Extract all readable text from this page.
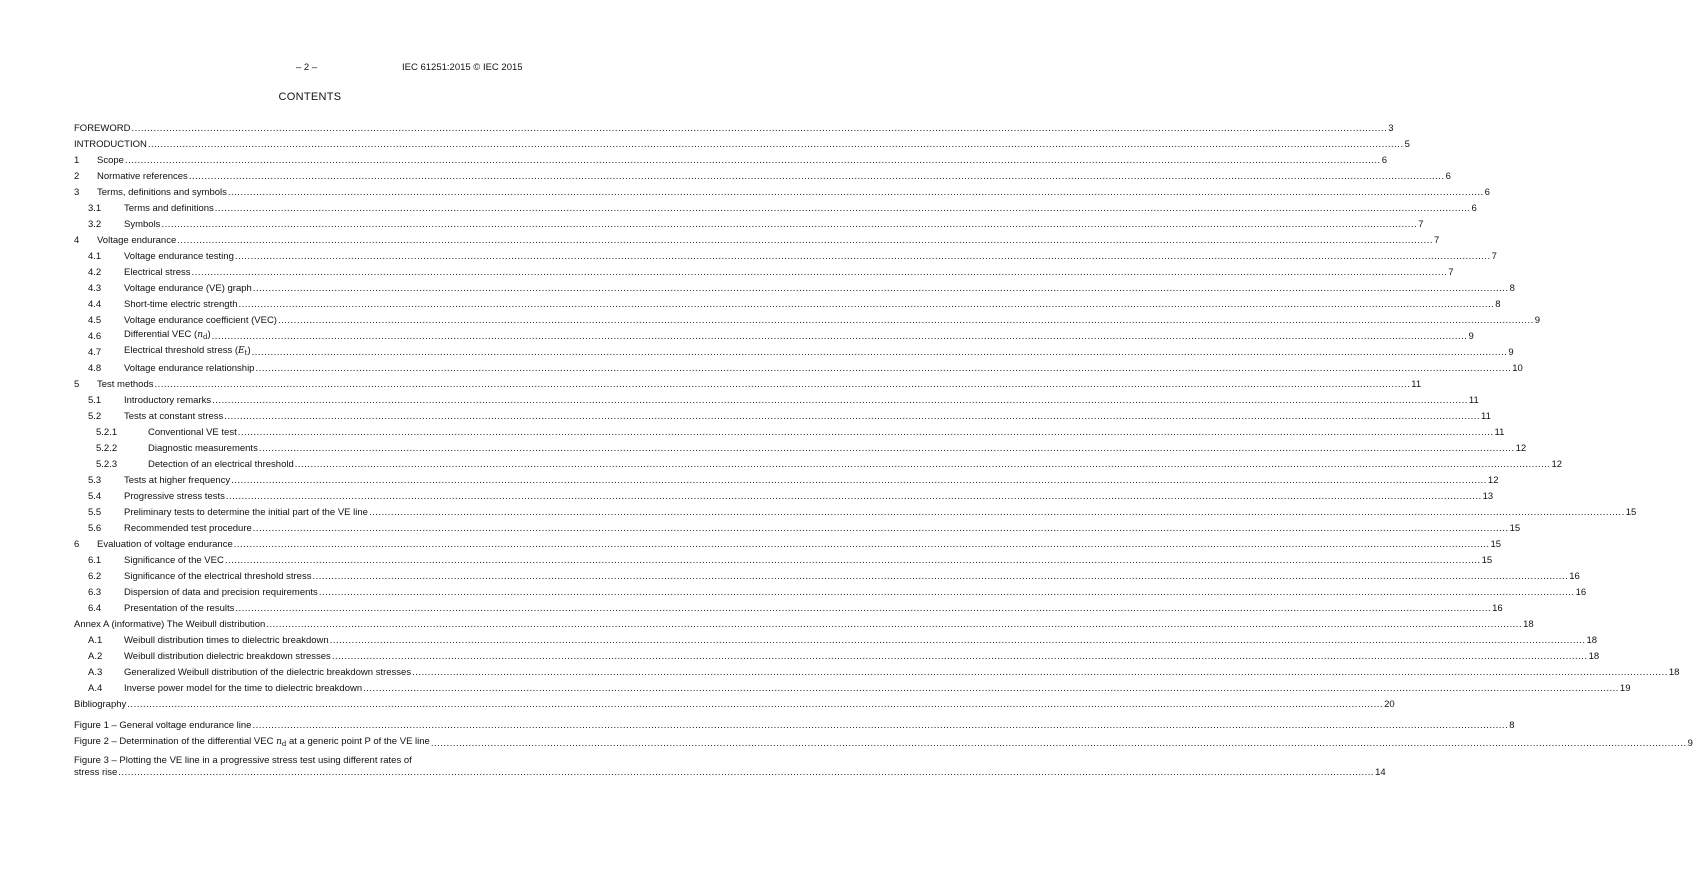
– 2 –	IEC 61251:2015 © IEC 2015
CONTENTS
FOREWORD ................................................................................................................................................................................................................................................................................................................................................................................................................ 3
INTRODUCTION ................................................................................................................................................................................................................................................................................................................................................................................................................ 5
1	Scope ................................................................................................................................................................................................................................................................................................................................................................................................................ 6
2	Normative references ................................................................................................................................................................................................................................................................................................................................................................................................................ 6
3	Terms, definitions and symbols ................................................................................................................................................................................................................................................................................................................................................................................................................ 6
3.1	Terms and definitions ................................................................................................................................................................................................................................................................................................................................................................................................................ 6
3.2	Symbols ................................................................................................................................................................................................................................................................................................................................................................................................................ 7
4	Voltage endurance ................................................................................................................................................................................................................................................................................................................................................................................................................ 7
4.1	Voltage endurance testing ................................................................................................................................................................................................................................................................................................................................................................................................................ 7
4.2	Electrical stress ................................................................................................................................................................................................................................................................................................................................................................................................................ 7
4.3	Voltage endurance (VE) graph ................................................................................................................................................................................................................................................................................................................................................................................................................ 8
4.4	Short-time electric strength ................................................................................................................................................................................................................................................................................................................................................................................................................ 8
4.5	Voltage endurance coefficient (VEC) ................................................................................................................................................................................................................................................................................................................................................................................................................ 9
4.6	Differential VEC $(n_d)$ ................................................................................................................................................................................................................................................................................................................................................................................................................ 9
4.7	Electrical threshold stress $(E_t)$ ................................................................................................................................................................................................................................................................................................................................................................................................................ 9
4.8	Voltage endurance relationship ................................................................................................................................................................................................................................................................................................................................................................................................................ 10
5	Test methods ................................................................................................................................................................................................................................................................................................................................................................................................................ 11
5.1	Introductory remarks ................................................................................................................................................................................................................................................................................................................................................................................................................ 11
5.2	Tests at constant stress ................................................................................................................................................................................................................................................................................................................................................................................................................ 11
5.2.1	Conventional VE test ................................................................................................................................................................................................................................................................................................................................................................................................................ 11
5.2.2	Diagnostic measurements ................................................................................................................................................................................................................................................................................................................................................................................................................ 12
5.2.3	Detection of an electrical threshold ................................................................................................................................................................................................................................................................................................................................................................................................................ 12
5.3	Tests at higher frequency ................................................................................................................................................................................................................................................................................................................................................................................................................ 12
5.4	Progressive stress tests ................................................................................................................................................................................................................................................................................................................................................................................................................ 13
5.5	Preliminary tests to determine the initial part of the VE line ................................................................................................................................................................................................................................................................................................................................................................................................................ 15
5.6	Recommended test procedure ................................................................................................................................................................................................................................................................................................................................................................................................................ 15
6	Evaluation of voltage endurance ................................................................................................................................................................................................................................................................................................................................................................................................................ 15
6.1	Significance of the VEC ................................................................................................................................................................................................................................................................................................................................................................................................................ 15
6.2	Significance of the electrical threshold stress ................................................................................................................................................................................................................................................................................................................................................................................................................ 16
6.3	Dispersion of data and precision requirements ................................................................................................................................................................................................................................................................................................................................................................................................................ 16
6.4	Presentation of the results ................................................................................................................................................................................................................................................................................................................................................................................................................ 16
Annex A (informative) The Weibull distribution ................................................................................................................................................................................................................................................................................................................................................................................................................ 18
A.1	Weibull distribution times to dielectric breakdown ................................................................................................................................................................................................................................................................................................................................................................................................................ 18
A.2	Weibull distribution dielectric breakdown stresses ................................................................................................................................................................................................................................................................................................................................................................................................................ 18
A.3	Generalized Weibull distribution of the dielectric breakdown stresses ................................................................................................................................................................................................................................................................................................................................................................................................................ 18
A.4	Inverse power model for the time to dielectric breakdown ................................................................................................................................................................................................................................................................................................................................................................................................................ 19
Bibliography ................................................................................................................................................................................................................................................................................................................................................................................................................ 20
Figure 1 – General voltage endurance line ................................................................................................................................................................................................................................................................................................................................................................................................................ 8
Figure 2 – Determination of the differential VEC $n_d$ at a generic point P of the VE line ................................................................................................................................................................................................................................................................................................................................................................................................................ 9
Figure 3 – Plotting the VE line in a progressive stress test using different rates of
stress rise ................................................................................................................................................................................................................................................................................................................................................................................................................ 14
